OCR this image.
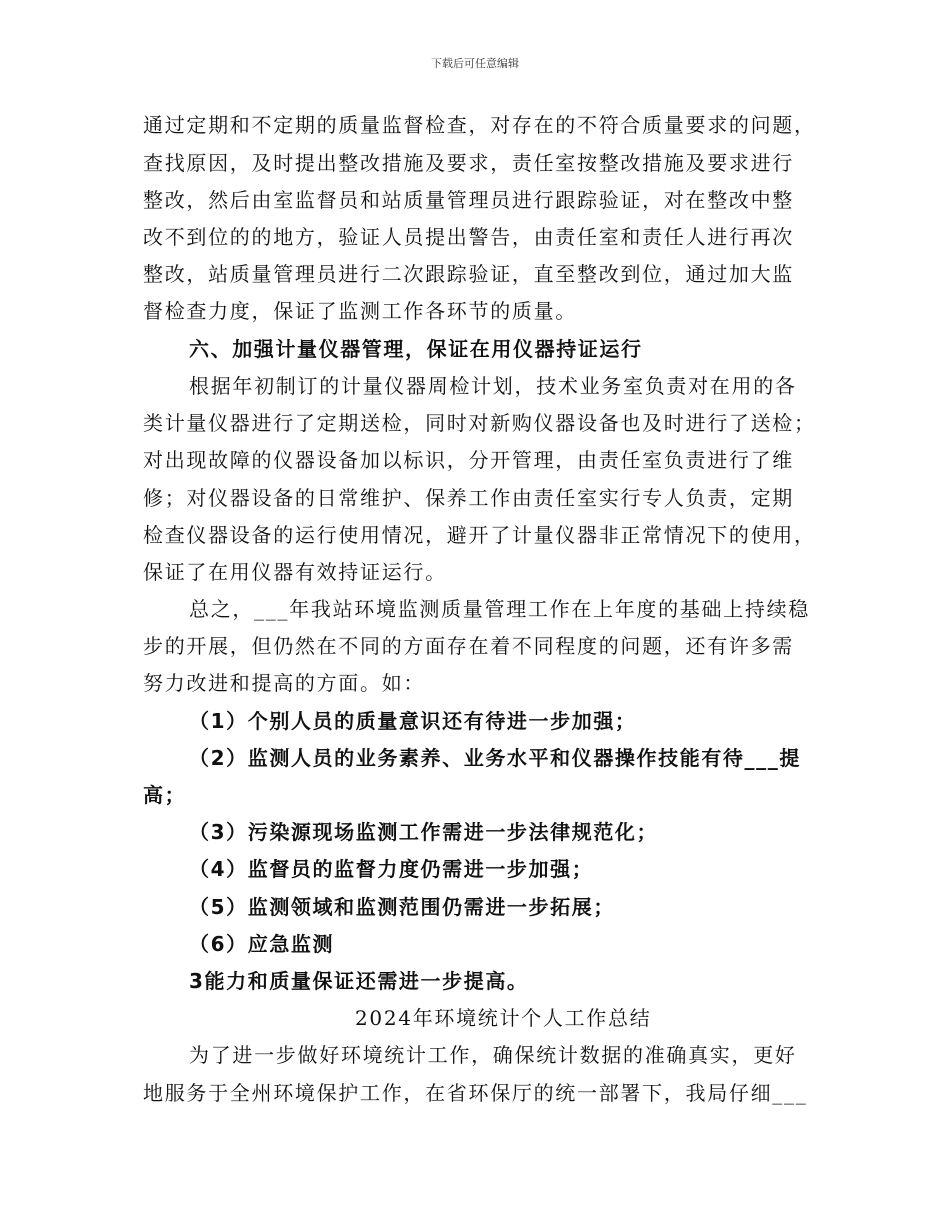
下载后可任意编辑
通过定期和不定期的质量监督检查，对存在的不符合质量要求的问题，
查找原因，及时提出整改措施及要求，责任室按整改措施及要求进行
整改，然后由室监督员和站质量管理员进行跟踪验证，对在整改中整
改不到位的的地方，验证人员提出警告，由责任室和责任人进行再次
整改，站质量管理员进行二次跟踪验证，直至整改到位，通过加大监
督检查力度，保证了监测工作各环节的质量。
六、加强计量仪器管理，保证在用仪器持证运行
根据年初制订的计量仪器周检计划，技术业务室负责对在用的各
类计量仪器进行了定期送检，同时对新购仪器设备也及时进行了送检；
对出现故障的仪器设备加以标识，分开管理，由责任室负责进行了维
修；对仪器设备的日常维护、保养工作由责任室实行专人负责，定期
检查仪器设备的运行使用情况，避开了计量仪器非正常情况下的使用，
保证了在用仪器有效持证运行。
总之，___年我站环境监测质量管理工作在上年度的基础上持续稳
步的开展，但仍然在不同的方面存在着不同程度的问题，还有许多需
努力改进和提高的方面。如：
（1）个别人员的质量意识还有待进一步加强；
（2）监测人员的业务素养、业务水平和仪器操作技能有待___提
高；
（3）污染源现场监测工作需进一步法律规范化；
（4）监督员的监督力度仍需进一步加强；
（5）监测领域和监测范围仍需进一步拓展；
（6）应急监测
3能力和质量保证还需进一步提高。
2024年环境统计个人工作总结
为了进一步做好环境统计工作，确保统计数据的准确真实，更好
地服务于全州环境保护工作，在省环保厅的统一部署下，我局仔细___
